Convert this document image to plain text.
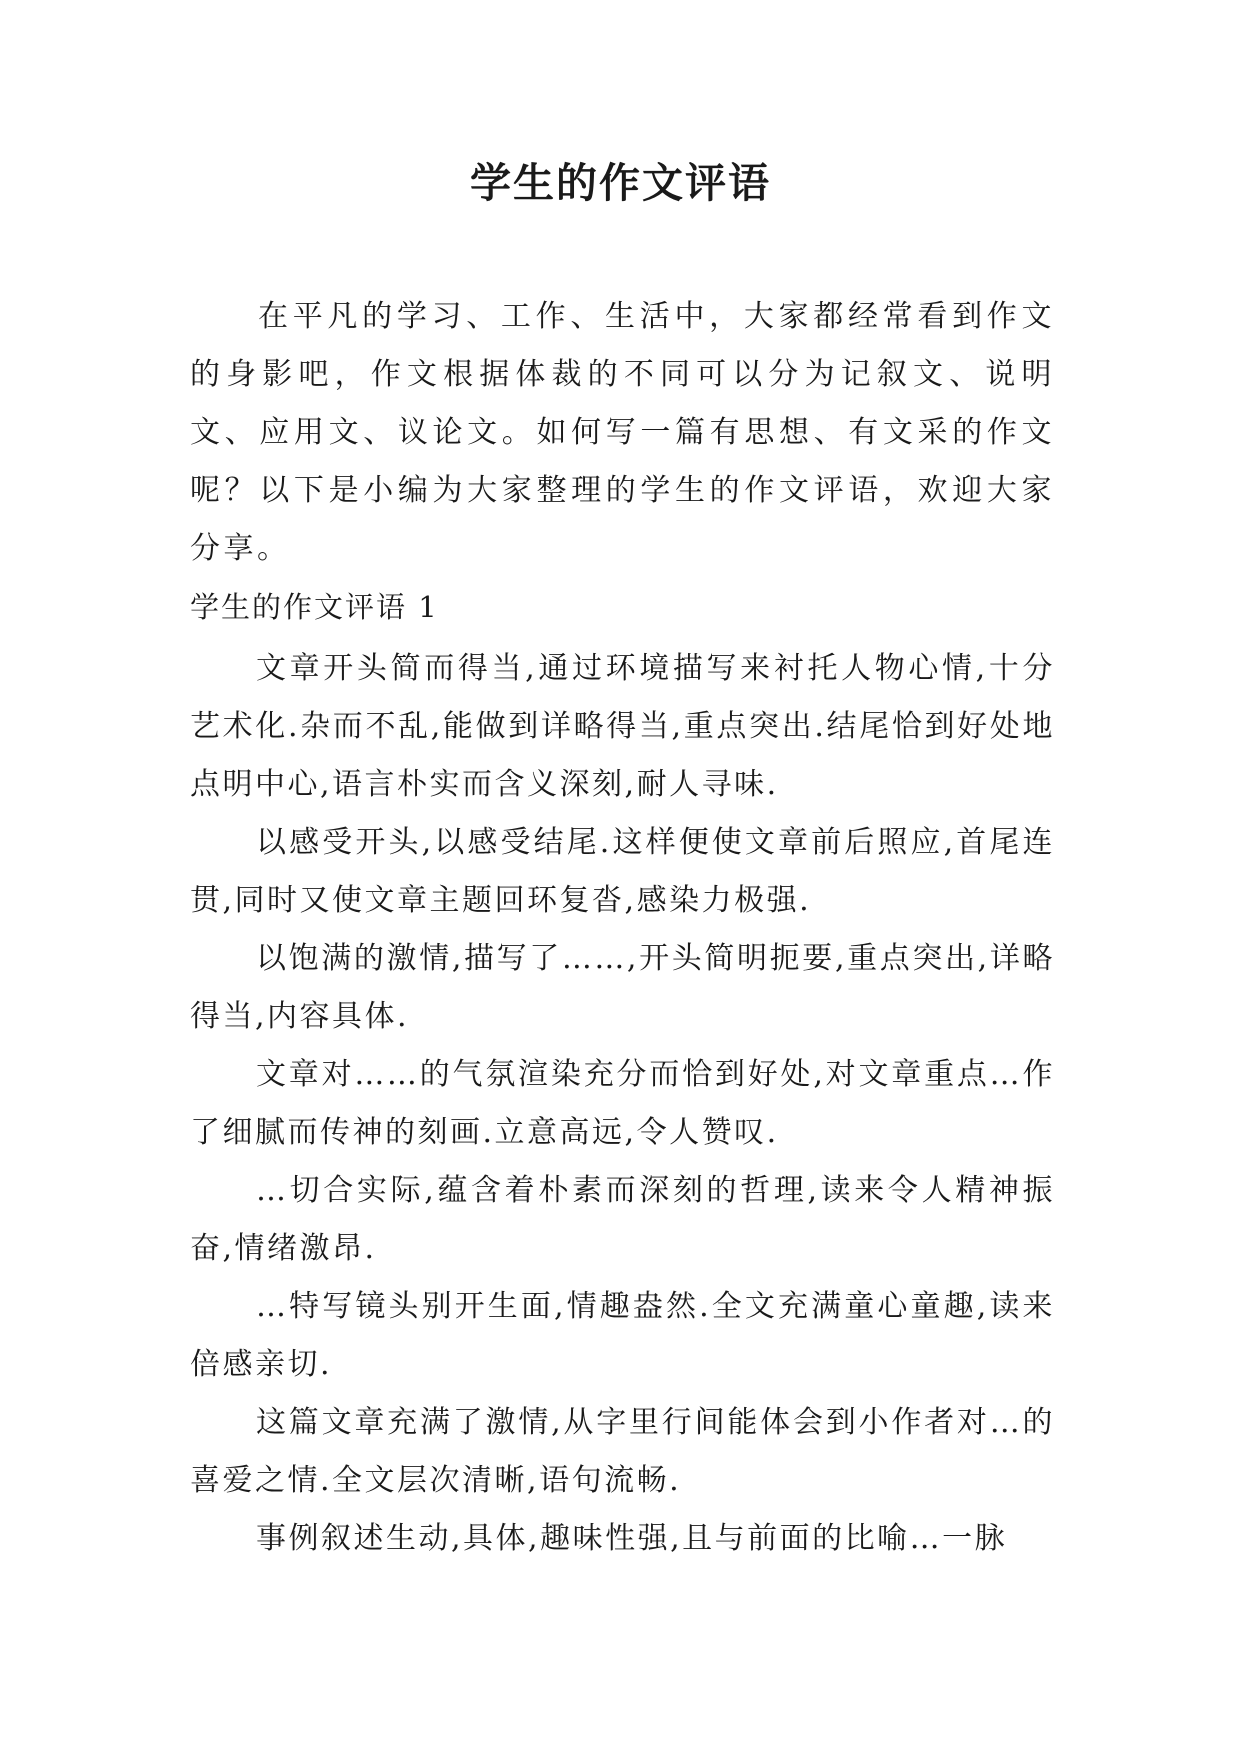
学生的作文评语

在平凡的学习、工作、生活中，大家都经常看到作文的身影吧，作文根据体裁的不同可以分为记叙文、说明文、应用文、议论文。如何写一篇有思想、有文采的作文呢？以下是小编为大家整理的学生的作文评语，欢迎大家分享。

学生的作文评语 1

文章开头简而得当,通过环境描写来衬托人物心情,十分艺术化.杂而不乱,能做到详略得当,重点突出.结尾恰到好处地点明中心,语言朴实而含义深刻,耐人寻味.

以感受开头,以感受结尾.这样便使文章前后照应,首尾连贯,同时又使文章主题回环复沓,感染力极强.

以饱满的激情,描写了……,开头简明扼要,重点突出,详略得当,内容具体.

文章对……的气氛渲染充分而恰到好处,对文章重点…作了细腻而传神的刻画.立意高远,令人赞叹.

…切合实际,蕴含着朴素而深刻的哲理,读来令人精神振奋,情绪激昂.

…特写镜头别开生面,情趣盎然.全文充满童心童趣,读来倍感亲切.

这篇文章充满了激情,从字里行间能体会到小作者对…的喜爱之情.全文层次清晰,语句流畅.

事例叙述生动,具体,趣味性强,且与前面的比喻…一脉
